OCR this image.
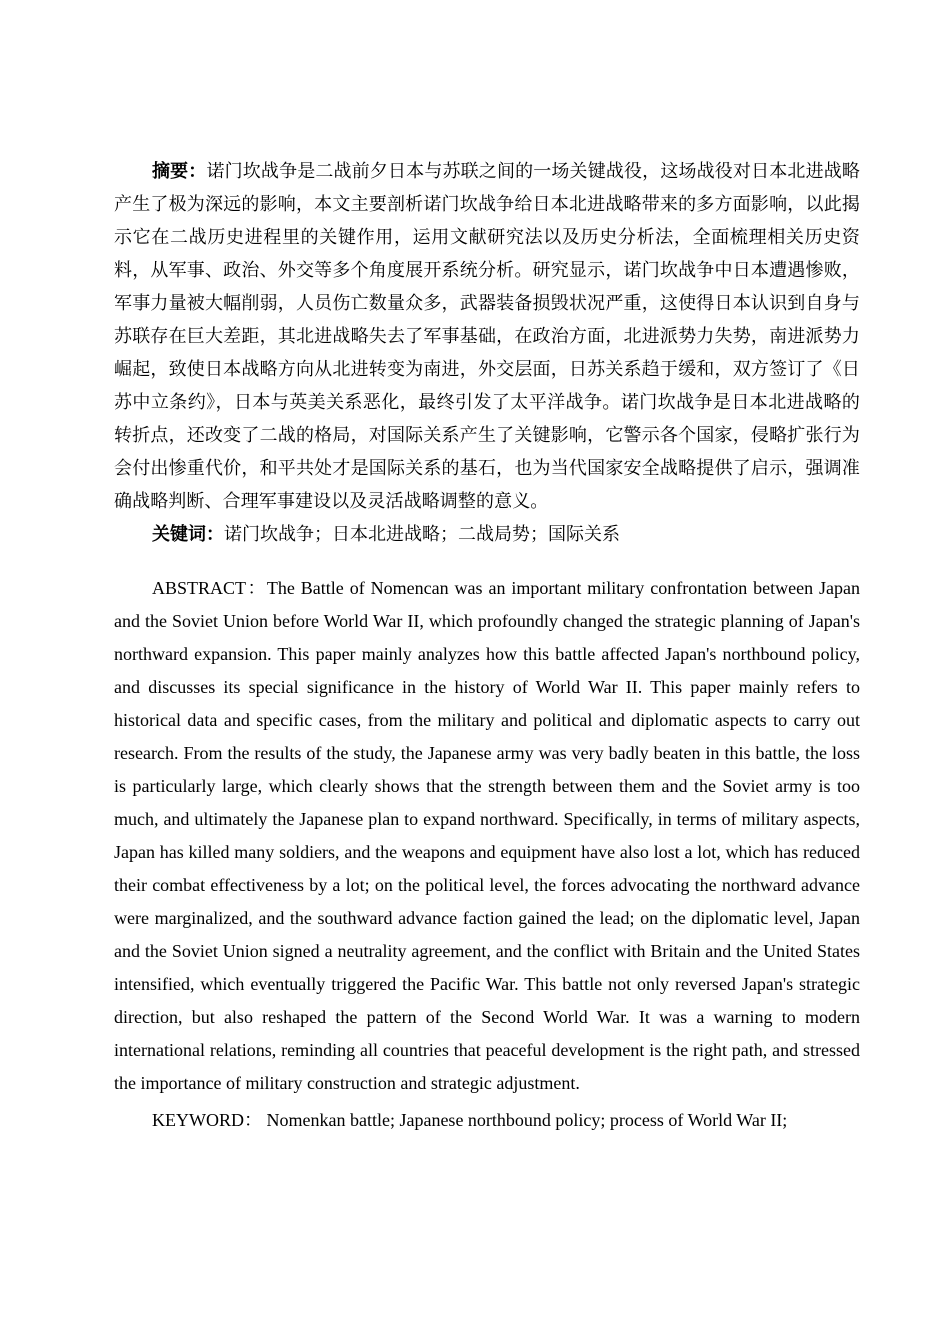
摘要：诺门坎战争是二战前夕日本与苏联之间的一场关键战役，这场战役对日本北进战略产生了极为深远的影响，本文主要剖析诺门坎战争给日本北进战略带来的多方面影响，以此揭示它在二战历史进程里的关键作用，运用文献研究法以及历史分析法，全面梳理相关历史资料，从军事、政治、外交等多个角度展开系统分析。研究显示，诺门坎战争中日本遭遇惨败，军事力量被大幅削弱，人员伤亡数量众多，武器装备损毁状况严重，这使得日本认识到自身与苏联存在巨大差距，其北进战略失去了军事基础，在政治方面，北进派势力失势，南进派势力崛起，致使日本战略方向从北进转变为南进，外交层面，日苏关系趋于缓和，双方签订了《日苏中立条约》，日本与英美关系恶化，最终引发了太平洋战争。诺门坎战争是日本北进战略的转折点，还改变了二战的格局，对国际关系产生了关键影响，它警示各个国家，侵略扩张行为会付出惨重代价，和平共处才是国际关系的基石，也为当代国家安全战略提供了启示，强调准确战略判断、合理军事建设以及灵活战略调整的意义。

关键词：诺门坎战争；日本北进战略；二战局势；国际关系

ABSTRACT：The Battle of Nomencan was an important military confrontation between Japan and the Soviet Union before World War II, which profoundly changed the strategic planning of Japan's northward expansion. This paper mainly analyzes how this battle affected Japan's northbound policy, and discusses its special significance in the history of World War II. This paper mainly refers to historical data and specific cases, from the military and political and diplomatic aspects to carry out research. From the results of the study, the Japanese army was very badly beaten in this battle, the loss is particularly large, which clearly shows that the strength between them and the Soviet army is too much, and ultimately the Japanese plan to expand northward. Specifically, in terms of military aspects, Japan has killed many soldiers, and the weapons and equipment have also lost a lot, which has reduced their combat effectiveness by a lot; on the political level, the forces advocating the northward advance were marginalized, and the southward advance faction gained the lead; on the diplomatic level, Japan and the Soviet Union signed a neutrality agreement, and the conflict with Britain and the United States intensified, which eventually triggered the Pacific War. This battle not only reversed Japan's strategic direction, but also reshaped the pattern of the Second World War. It was a warning to modern international relations, reminding all countries that peaceful development is the right path, and stressed the importance of military construction and strategic adjustment.

KEYWORD： Nomenkan battle; Japanese northbound policy; process of World War II;
